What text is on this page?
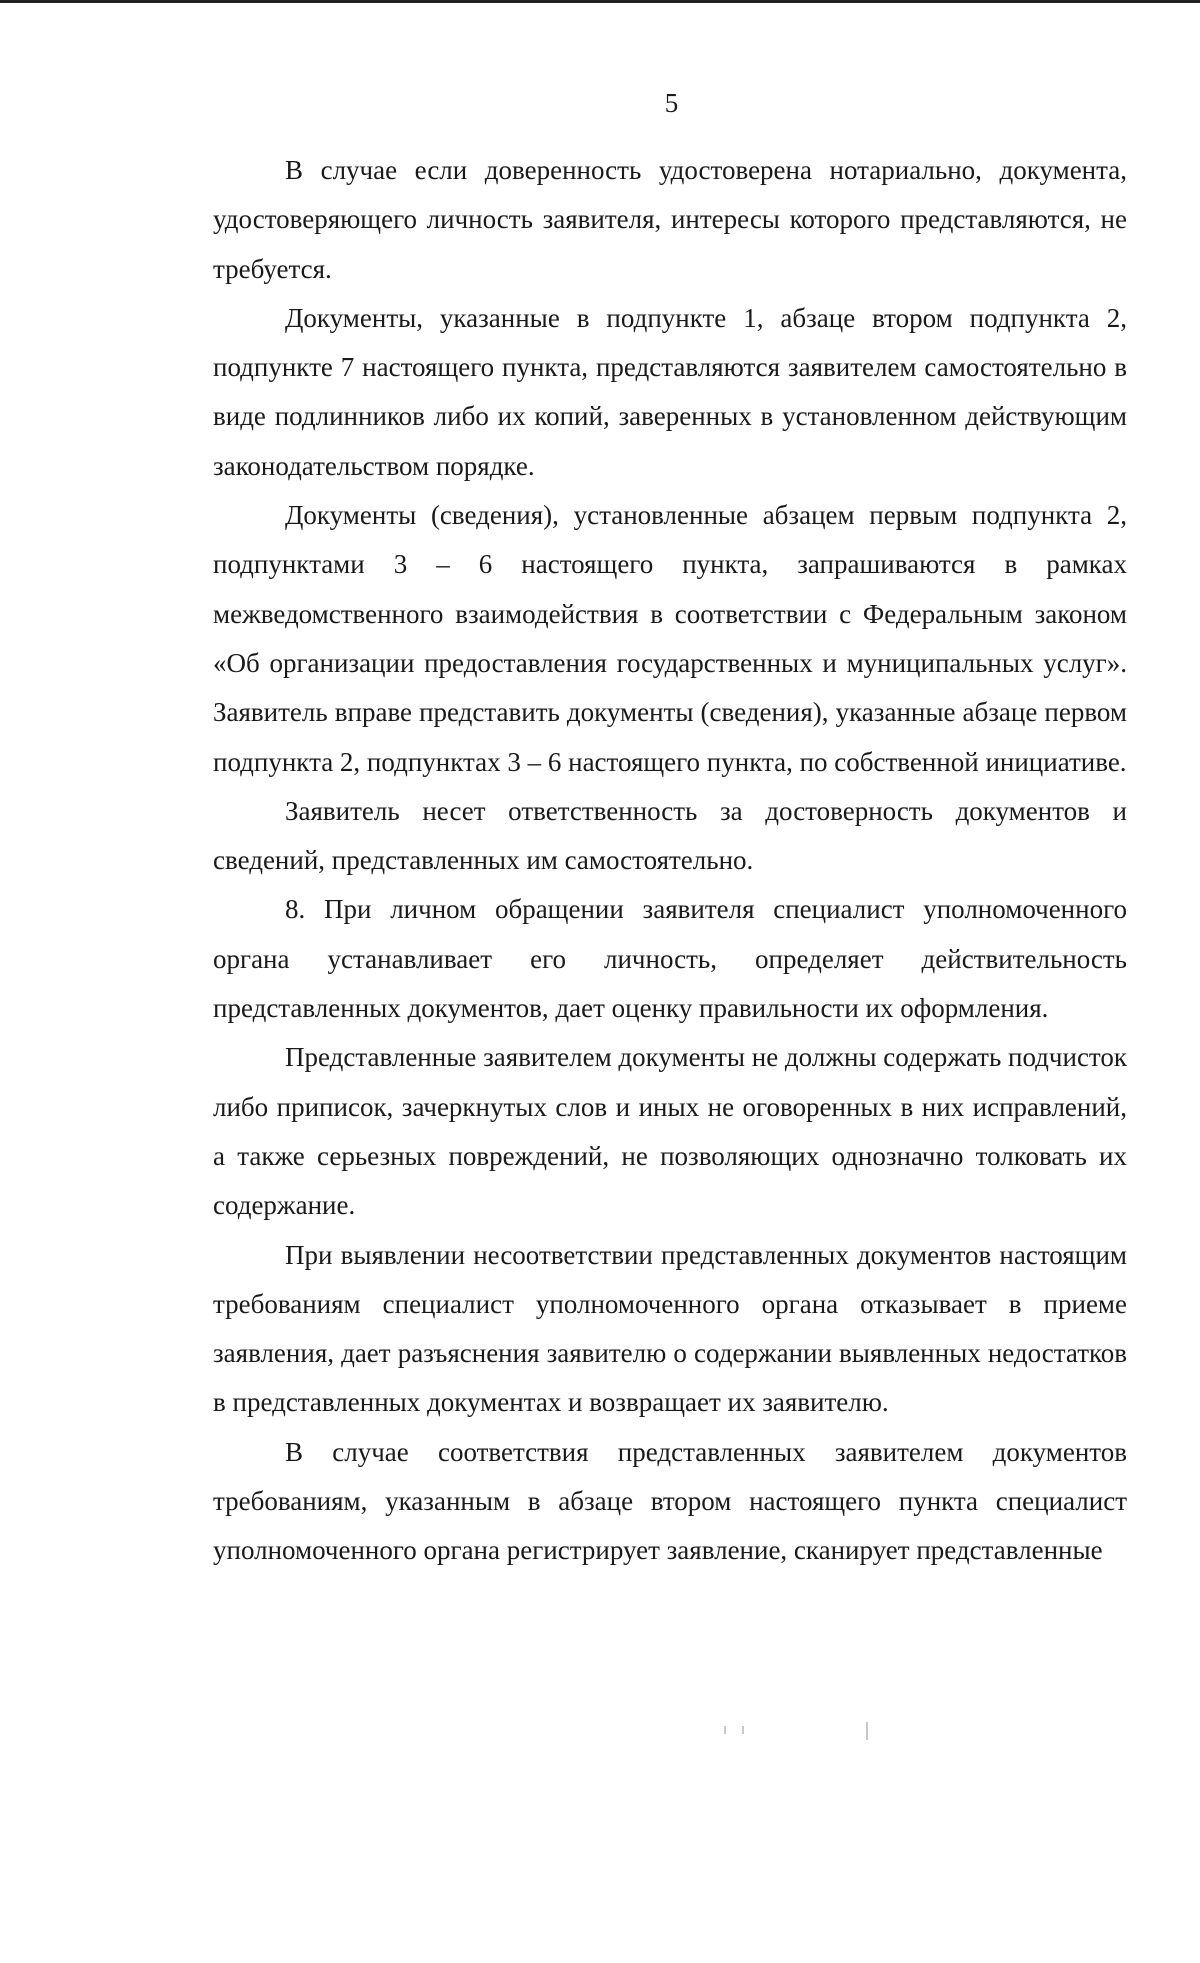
5

В случае если доверенность удостоверена нотариально, документа, удостоверяющего личность заявителя, интересы которого представляются, не требуется.

Документы, указанные в подпункте 1, абзаце втором подпункта 2, подпункте 7 настоящего пункта, представляются заявителем самостоятельно в виде подлинников либо их копий, заверенных в установленном действующим законодательством порядке.

Документы (сведения), установленные абзацем первым подпункта 2, подпунктами 3 – 6 настоящего пункта, запрашиваются в рамках межведомственного взаимодействия в соответствии с Федеральным законом «Об организации предоставления государственных и муниципальных услуг». Заявитель вправе представить документы (сведения), указанные абзаце первом подпункта 2, подпунктах 3 – 6 настоящего пункта, по собственной инициативе.

Заявитель несет ответственность за достоверность документов и сведений, представленных им самостоятельно.

8. При личном обращении заявителя специалист уполномоченного органа устанавливает его личность, определяет действительность представленных документов, дает оценку правильности их оформления.

Представленные заявителем документы не должны содержать подчисток либо приписок, зачеркнутых слов и иных не оговоренных в них исправлений, а также серьезных повреждений, не позволяющих однозначно толковать их содержание.

При выявлении несоответствии представленных документов настоящим требованиям специалист уполномоченного органа отказывает в приеме заявления, дает разъяснения заявителю о содержании выявленных недостатков в представленных документах и возвращает их заявителю.

В случае соответствия представленных заявителем документов требованиям, указанным в абзаце втором настоящего пункта специалист уполномоченного органа регистрирует заявление, сканирует представленные
